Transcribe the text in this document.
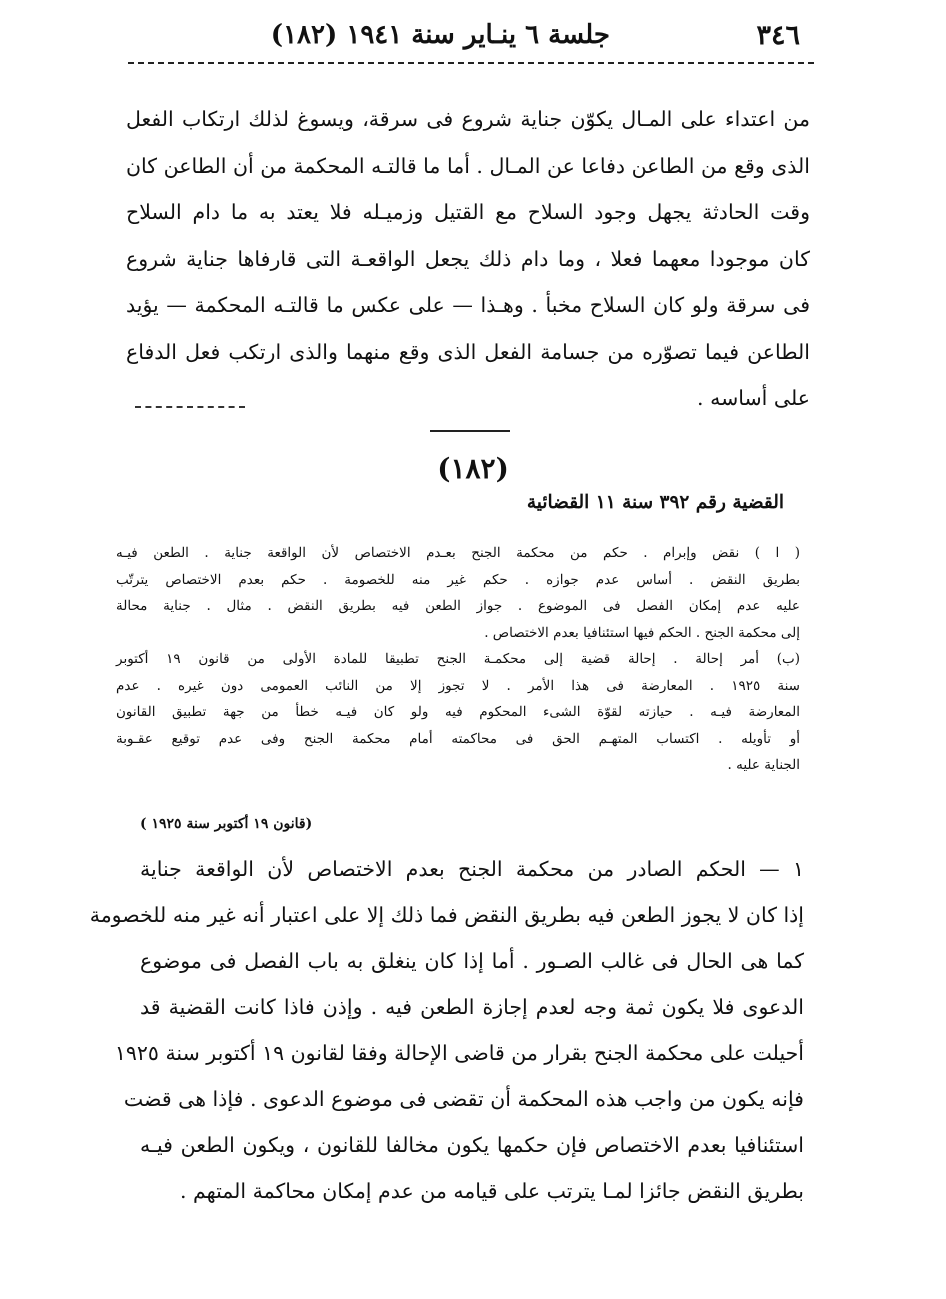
٣٤٦
جلسة ٦ ينـاير سنة ١٩٤١ (١٨٢)
من اعتداء على المـال يكوّن جناية شروع فى سرقة، ويسوغ لذلك ارتكاب الفعل
الذى وقع من الطاعن دفاعا عن المـال . أما ما قالتـه المحكمة من أن الطاعن كان
وقت الحادثة يجهل وجود السلاح مع القتيل وزميـله فلا يعتد به ما دام السلاح
كان موجودا معهما فعلا ، وما دام ذلك يجعل الواقعـة التى قارفاها جناية شروع
فى سرقة ولو كان السلاح مخبأ . وهـذا — على عكس ما قالتـه المحكمة — يؤيد
الطاعن فيما تصوّره من جسامة الفعل الذى وقع منهما والذى ارتكب فعل الدفاع
على أساسه .
(١٨٢)
القضية رقم ٣٩٢ سنة ١١ القضائية
( ا ) نقض وإبرام . حكم من محكمة الجنح بعـدم الاختصاص لأن الواقعة جناية . الطعن فيـه
بطريق النقض . أساس عدم جوازه . حكم غير منه للخصومة . حكم بعدم الاختصاص يترتّب
عليه عدم إمكان الفصل فى الموضوع . جواز الطعن فيه بطريق النقض . مثال . جناية محالة
إلى محكمة الجنح . الحكم فيها استئنافيا بعدم الاختصاص .
(ب) أمر إحالة . إحالة قضية إلى محكمـة الجنح تطبيقا للمادة الأولى من قانون ١٩ أكتوبر
سنة ١٩٢٥ . المعارضة فى هذا الأمر . لا تجوز إلا من النائب العمومى دون غيره . عدم
المعارضة فيـه . حيازته لقوّة الشىء المحكوم فيه ولو كان فيـه خطأ من جهة تطبيق القانون
أو تأويله . اكتساب المتهـم الحق فى محاكمته أمام محكمة الجنح وفى عدم توقيع عقـوبة
الجناية عليه .
(قانون ١٩ أكتوبر سنة ١٩٢٥ )
١ — الحكم الصادر من محكمة الجنح بعدم الاختصاص لأن الواقعة جناية
إذا كان لا يجوز الطعن فيه بطريق النقض فما ذلك إلا على اعتبار أنه غير منه للخصومة
كما هى الحال فى غالب الصـور . أما إذا كان ينغلق به باب الفصل فى موضوع
الدعوى فلا يكون ثمة وجه لعدم إجازة الطعن فيه . وإذن فاذا كانت القضية قد
أحيلت على محكمة الجنح بقرار من قاضى الإحالة وفقا لقانون ١٩ أكتوبر سنة ١٩٢٥
فإنه يكون من واجب هذه المحكمة أن تقضى فى موضوع الدعوى . فإذا هى قضت
استئنافيا بعدم الاختصاص فإن حكمها يكون مخالفا للقانون ، ويكون الطعن فيـه
بطريق النقض جائزا لمـا يترتب على قيامه من عدم إمكان محاكمة المتهم .
